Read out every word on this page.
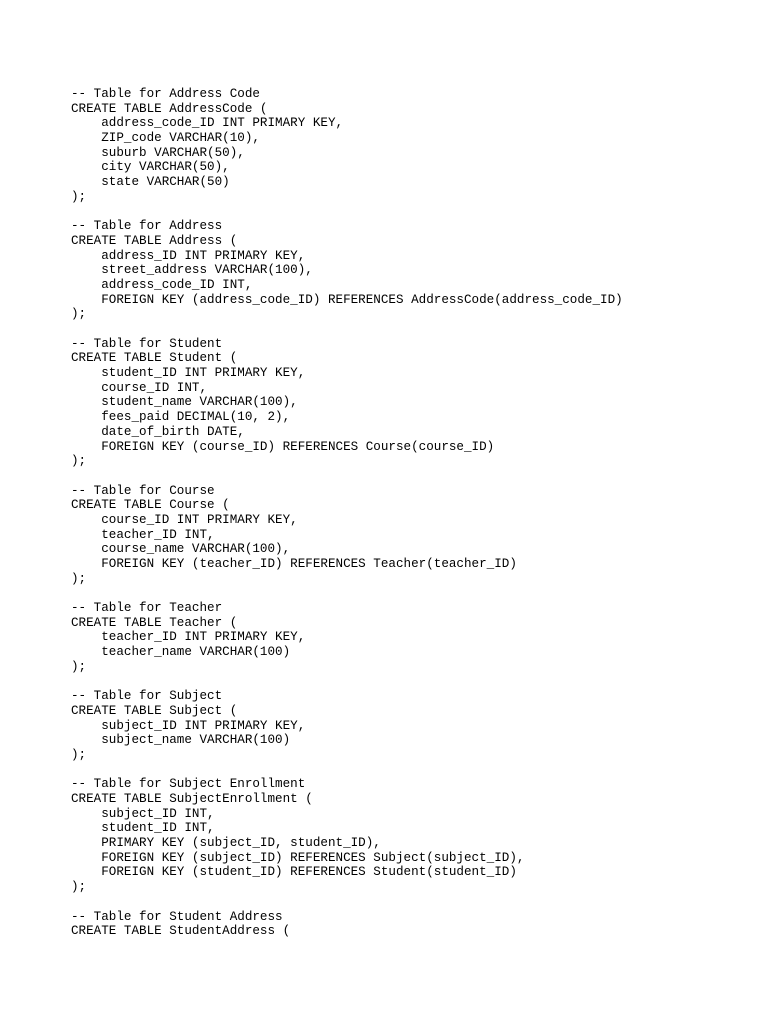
-- Table for Address Code
CREATE TABLE AddressCode (
address_code_ID INT PRIMARY KEY,
ZIP_code VARCHAR(10),
suburb VARCHAR(50),
city VARCHAR(50),
state VARCHAR(50)
);
-- Table for Address
CREATE TABLE Address (
address_ID INT PRIMARY KEY,
street_address VARCHAR(100),
address_code_ID INT,
FOREIGN KEY (address_code_ID) REFERENCES AddressCode(address_code_ID)
);
-- Table for Student
CREATE TABLE Student (
student_ID INT PRIMARY KEY,
course_ID INT,
student_name VARCHAR(100),
fees_paid DECIMAL(10, 2),
date_of_birth DATE,
FOREIGN KEY (course_ID) REFERENCES Course(course_ID)
);
-- Table for Course
CREATE TABLE Course (
course_ID INT PRIMARY KEY,
teacher_ID INT,
course_name VARCHAR(100),
FOREIGN KEY (teacher_ID) REFERENCES Teacher(teacher_ID)
);
-- Table for Teacher
CREATE TABLE Teacher (
teacher_ID INT PRIMARY KEY,
teacher_name VARCHAR(100)
);
-- Table for Subject
CREATE TABLE Subject (
subject_ID INT PRIMARY KEY,
subject_name VARCHAR(100)
);
-- Table for Subject Enrollment
CREATE TABLE SubjectEnrollment (
subject_ID INT,
student_ID INT,
PRIMARY KEY (subject_ID, student_ID),
FOREIGN KEY (subject_ID) REFERENCES Subject(subject_ID),
FOREIGN KEY (student_ID) REFERENCES Student(student_ID)
);
-- Table for Student Address
CREATE TABLE StudentAddress (
